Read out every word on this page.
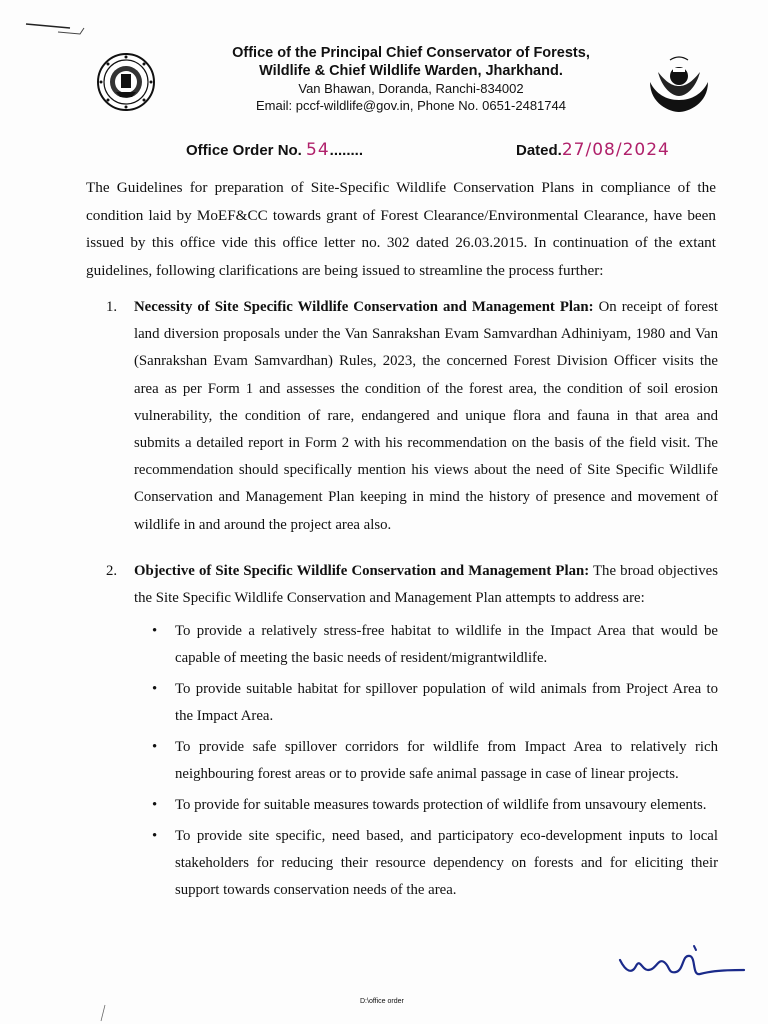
Office of the Principal Chief Conservator of Forests,

Wildlife & Chief Wildlife Warden, Jharkhand.

Van Bhawan, Doranda, Ranchi-834002

Email: pccf-wildlife@gov.in, Phone No. 0651-2481744

Office Order No. 54........	Dated.27/08/2024

The Guidelines for preparation of Site-Specific Wildlife Conservation Plans in compliance of the condition laid by MoEF&CC towards grant of Forest Clearance/Environmental Clearance, have been issued by this office vide this office letter no. 302 dated 26.03.2015. In continuation of the extant guidelines, following clarifications are being issued to streamline the process further:

1.	Necessity of Site Specific Wildlife Conservation and Management Plan: On receipt of forest land diversion proposals under the Van Sanrakshan Evam Samvardhan Adhiniyam, 1980 and Van (Sanrakshan Evam Samvardhan) Rules, 2023, the concerned Forest Division Officer visits the area as per Form 1 and assesses the condition of the forest area, the condition of soil erosion vulnerability, the condition of rare, endangered and unique flora and fauna in that area and submits a detailed report in Form 2 with his recommendation on the basis of the field visit. The recommendation should specifically mention his views about the need of Site Specific Wildlife Conservation and Management Plan keeping in mind the history of presence and movement of wildlife in and around the project area also.
2.	Objective of Site Specific Wildlife Conservation and Management Plan: The broad objectives the Site Specific Wildlife Conservation and Management Plan attempts to address are:
• To provide a relatively stress-free habitat to wildlife in the Impact Area that would be capable of meeting the basic needs of resident/migrantwildlife.
• To provide suitable habitat for spillover population of wild animals from Project Area to the Impact Area.
• To provide safe spillover corridors for wildlife from Impact Area to relatively rich neighbouring forest areas or to provide safe animal passage in case of linear projects.
• To provide for suitable measures towards protection of wildlife from unsavoury elements.
• To provide site specific, need based, and participatory eco-development inputs to local stakeholders for reducing their resource dependency on forests and for eliciting their support towards conservation needs of the area.
D:\office order
